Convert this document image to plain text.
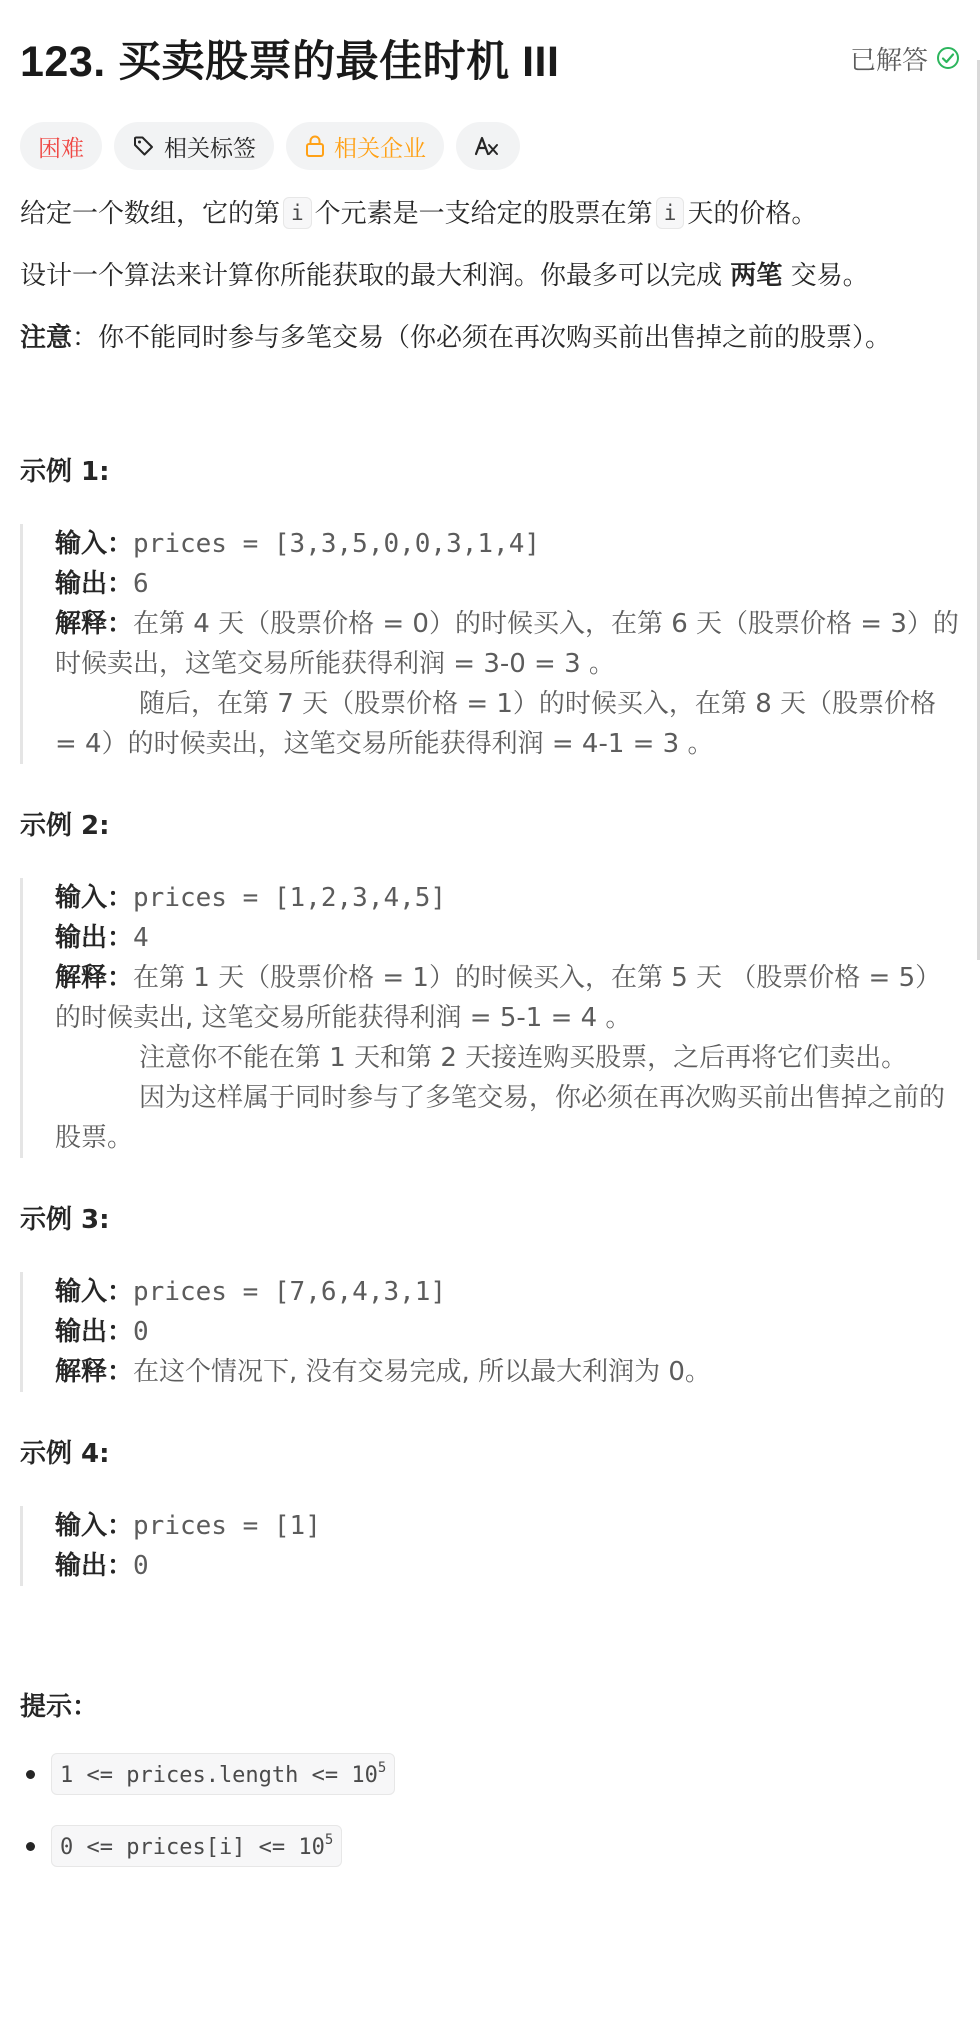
123. 买卖股票的最佳时机 III	已解答
困难	相关标签	相关企业

给定一个数组，它的第 i 个元素是一支给定的股票在第 i 天的价格。

设计一个算法来计算你所能获取的最大利润。你最多可以完成 两笔 交易。

注意：你不能同时参与多笔交易（你必须在再次购买前出售掉之前的股票）。

示例 1:
输入：prices = [3,3,5,0,0,3,1,4]
输出：6
解释：在第 4 天（股票价格 = 0）的时候买入，在第 6 天（股票价格 = 3）的时候卖出，这笔交易所能获得利润 = 3-0 = 3 。
随后，在第 7 天（股票价格 = 1）的时候买入，在第 8 天（股票价格 = 4）的时候卖出，这笔交易所能获得利润 = 4-1 = 3 。
示例 2:
输入：prices = [1,2,3,4,5]
输出：4
解释：在第 1 天（股票价格 = 1）的时候买入，在第 5 天 （股票价格 = 5）的时候卖出, 这笔交易所能获得利润 = 5-1 = 4 。
注意你不能在第 1 天和第 2 天接连购买股票，之后再将它们卖出。
因为这样属于同时参与了多笔交易，你必须在再次购买前出售掉之前的股票。
示例 3:
输入：prices = [7,6,4,3,1]
输出：0
解释：在这个情况下, 没有交易完成, 所以最大利润为 0。
示例 4:
输入：prices = [1]
输出：0
提示：
1 <= prices.length <= $10^5$
0 <= prices[i] <= $10^5$
